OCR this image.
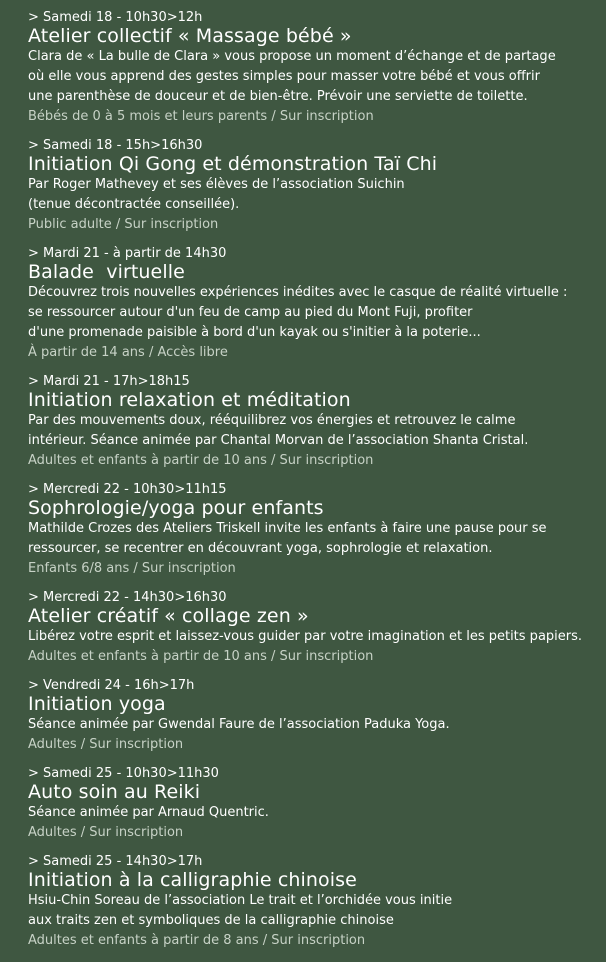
> Samedi 18 - 10h30>12h
Atelier collectif « Massage bébé »
Clara de « La bulle de Clara » vous propose un moment d’échange et de partage
où elle vous apprend des gestes simples pour masser votre bébé et vous offrir
une parenthèse de douceur et de bien-être. Prévoir une serviette de toilette.
Bébés de 0 à 5 mois et leurs parents / Sur inscription
> Samedi 18 - 15h>16h30
Initiation Qi Gong et démonstration Taï Chi
Par Roger Mathevey et ses élèves de l’association Suichin
(tenue décontractée conseillée).
Public adulte / Sur inscription
> Mardi 21 - à partir de 14h30
Balade  virtuelle
Découvrez trois nouvelles expériences inédites avec le casque de réalité virtuelle :
se ressourcer autour d'un feu de camp au pied du Mont Fuji, profiter
d'une promenade paisible à bord d'un kayak ou s'initier à la poterie...
À partir de 14 ans / Accès libre
> Mardi 21 - 17h>18h15
Initiation relaxation et méditation
Par des mouvements doux, rééquilibrez vos énergies et retrouvez le calme
intérieur. Séance animée par Chantal Morvan de l’association Shanta Cristal.
Adultes et enfants à partir de 10 ans / Sur inscription
> Mercredi 22 - 10h30>11h15
Sophrologie/yoga pour enfants
Mathilde Crozes des Ateliers Triskell invite les enfants à faire une pause pour se
ressourcer, se recentrer en découvrant yoga, sophrologie et relaxation.
Enfants 6/8 ans / Sur inscription
> Mercredi 22 - 14h30>16h30
Atelier créatif « collage zen »
Libérez votre esprit et laissez-vous guider par votre imagination et les petits papiers.
Adultes et enfants à partir de 10 ans / Sur inscription
> Vendredi 24 - 16h>17h
Initiation yoga
Séance animée par Gwendal Faure de l’association Paduka Yoga.
Adultes / Sur inscription
> Samedi 25 - 10h30>11h30
Auto soin au Reiki
Séance animée par Arnaud Quentric.
Adultes / Sur inscription
> Samedi 25 - 14h30>17h
Initiation à la calligraphie chinoise
Hsiu-Chin Soreau de l’association Le trait et l’orchidée vous initie
aux traits zen et symboliques de la calligraphie chinoise
Adultes et enfants à partir de 8 ans / Sur inscription
